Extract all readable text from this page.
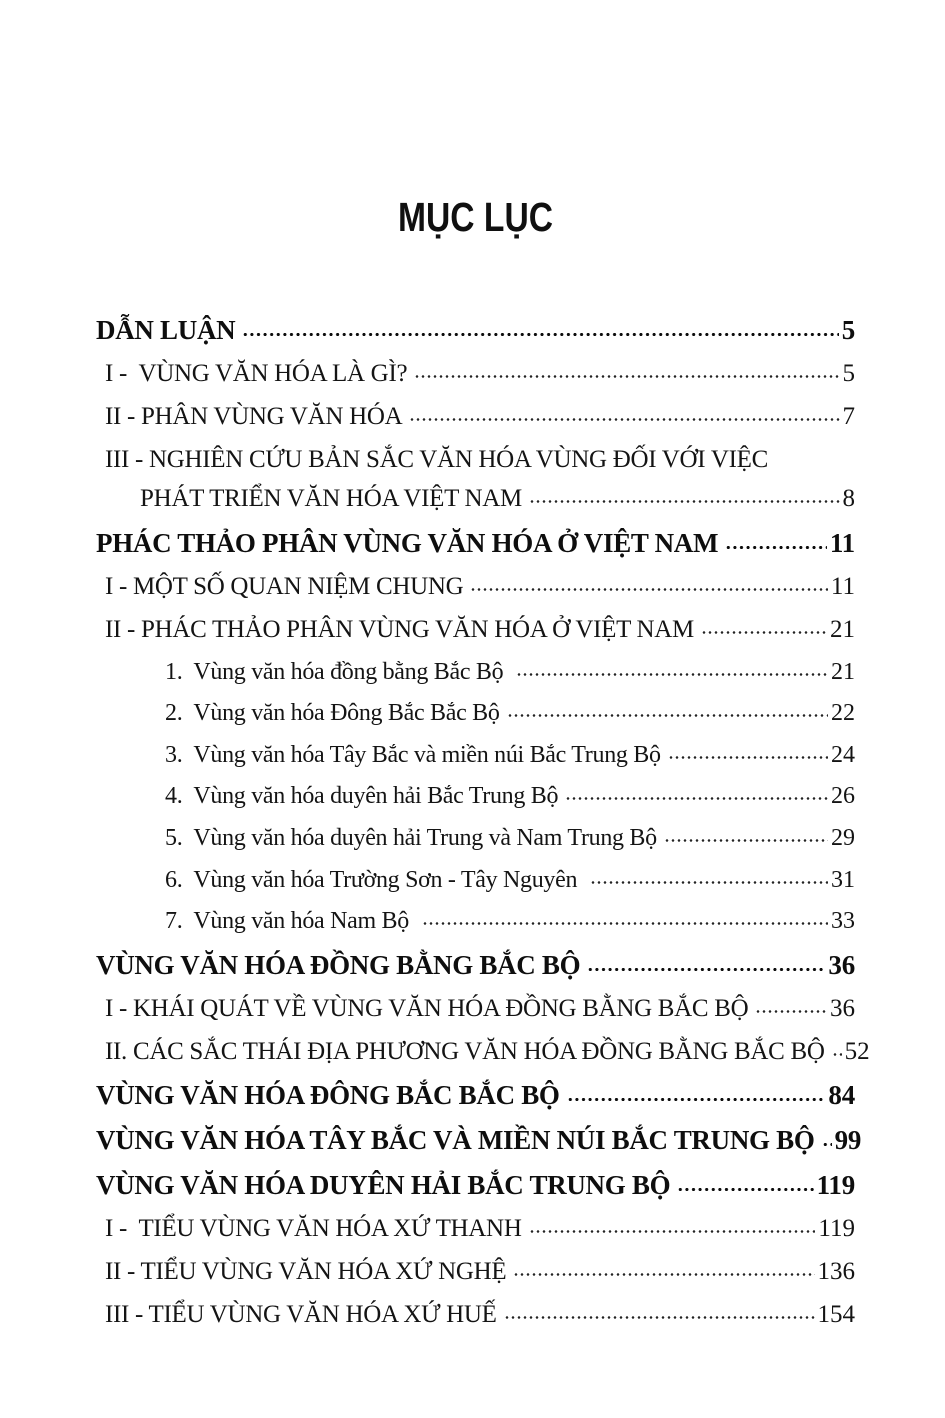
MỤC LỤC
DẪN LUẬN	5
I -  VÙNG VĂN HÓA LÀ GÌ?	5
II - PHÂN VÙNG VĂN HÓA	7
III - NGHIÊN CỨU BẢN SẮC VĂN HÓA VÙNG ĐỐI VỚI VIỆC
PHÁT TRIỂN VĂN HÓA VIỆT NAM	8
PHÁC THẢO PHÂN VÙNG VĂN HÓA Ở VIỆT NAM	11
I - MỘT SỐ QUAN NIỆM CHUNG	11
II - PHÁC THẢO PHÂN VÙNG VĂN HÓA Ở VIỆT NAM	21
1.  Vùng văn hóa đồng bằng Bắc Bộ	21
2.  Vùng văn hóa Đông Bắc Bắc Bộ	22
3.  Vùng văn hóa Tây Bắc và miền núi Bắc Trung Bộ	24
4.  Vùng văn hóa duyên hải Bắc Trung Bộ	26
5.  Vùng văn hóa duyên hải Trung và Nam Trung Bộ	29
6.  Vùng văn hóa Trường Sơn - Tây Nguyên	31
7.  Vùng văn hóa Nam Bộ	33
VÙNG VĂN HÓA ĐỒNG BẰNG BẮC BỘ	36
I - KHÁI QUÁT VỀ VÙNG VĂN HÓA ĐỒNG BẰNG BẮC BỘ	36
II. CÁC SẮC THÁI ĐỊA PHƯƠNG VĂN HÓA ĐỒNG BẰNG BẮC BỘ 52
VÙNG VĂN HÓA ĐÔNG BẮC BẮC BỘ	84
VÙNG VĂN HÓA TÂY BẮC VÀ MIỀN NÚI BẮC TRUNG BỘ 99
VÙNG VĂN HÓA DUYÊN HẢI BẮC TRUNG BỘ	119
I -  TIỂU VÙNG VĂN HÓA XỨ THANH	119
II - TIỂU VÙNG VĂN HÓA XỨ NGHỆ	136
III - TIỂU VÙNG VĂN HÓA XỨ HUẾ	154
